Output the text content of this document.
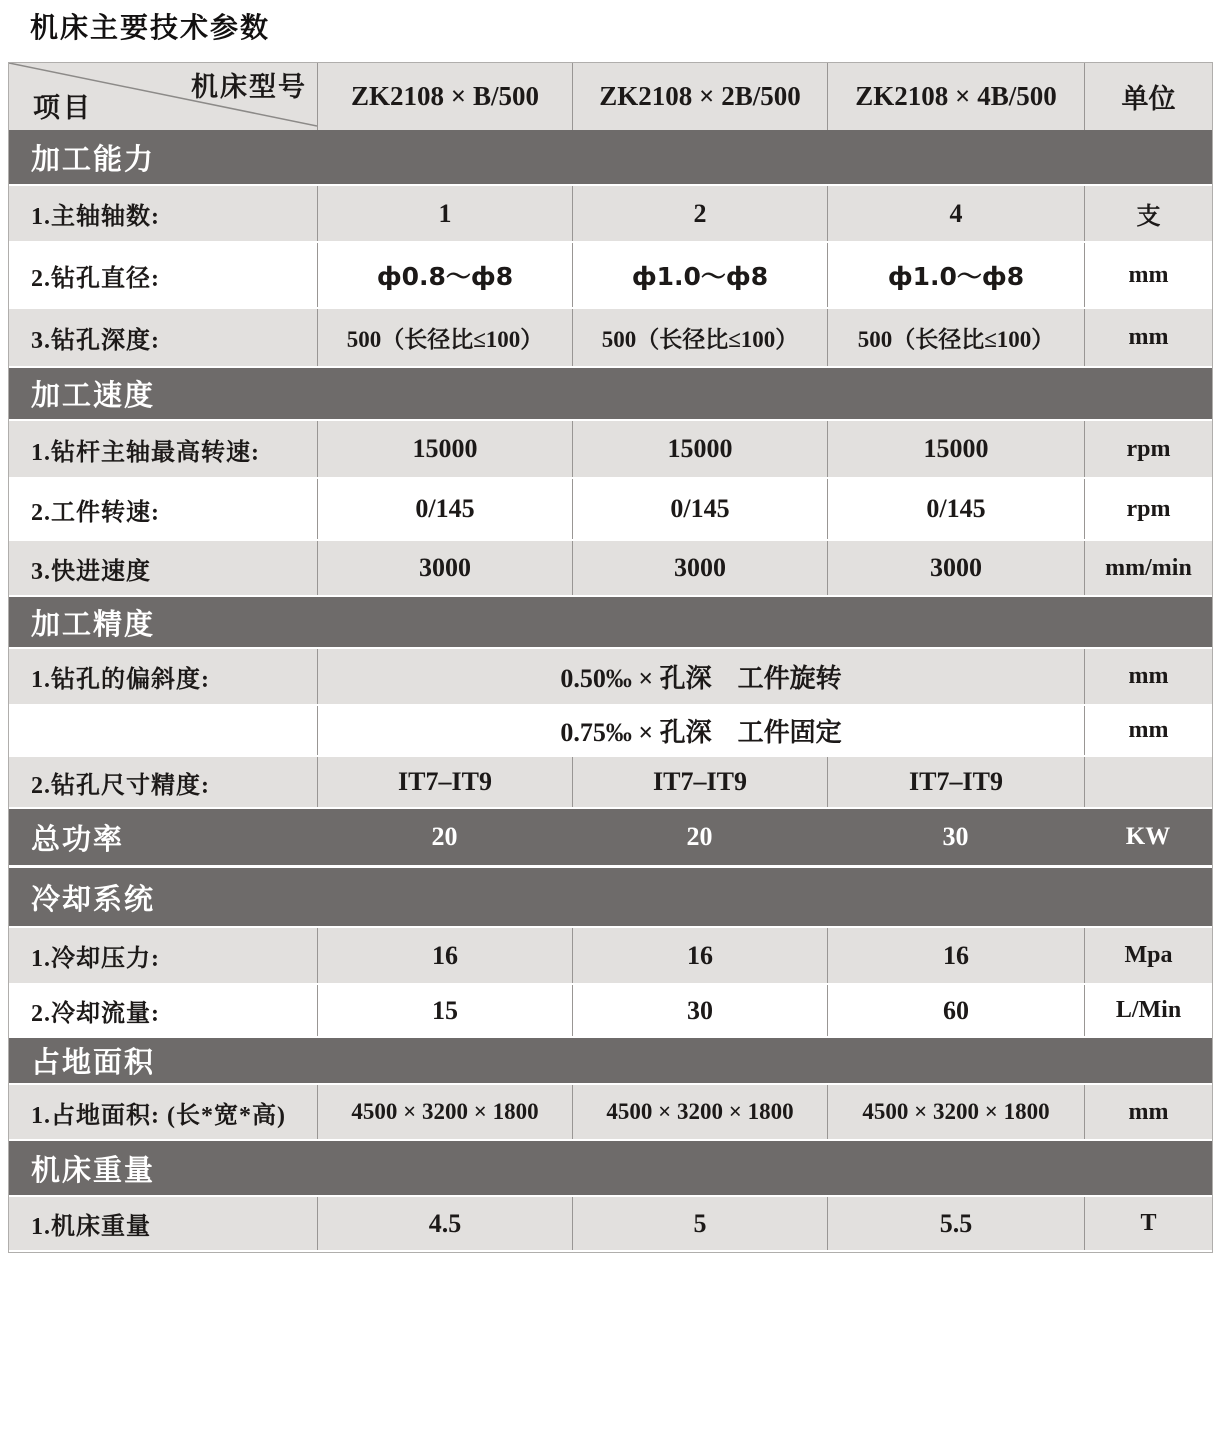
机床主要技术参数
机床型号
项目	ZK2108 × B/500	ZK2108 × 2B/500	ZK2108 × 4B/500	单位
加工能力
1.主轴轴数:	1	2	4	支
2.钻孔直径:	ф0.8～ф8	ф1.0～ф8	ф1.0～ф8	mm
3.钻孔深度:	500（长径比≤100）	500（长径比≤100）	500（长径比≤100）	mm
加工速度
1.钻杆主轴最高转速:	15000	15000	15000	rpm
2.工件转速:	0/145	0/145	0/145	rpm
3.快进速度	3000	3000	3000	mm/min
加工精度
1.钻孔的偏斜度:	0.50‰ × 孔深　工件旋转	mm
0.75‰ × 孔深　工件固定	mm
2.钻孔尺寸精度:	IT7–IT9	IT7–IT9	IT7–IT9
总功率	20	20	30	KW
冷却系统
1.冷却压力:	16	16	16	Mpa
2.冷却流量:	15	30	60	L/Min
占地面积
1.占地面积: (长*宽*高)	4500 × 3200 × 1800	4500 × 3200 × 1800	4500 × 3200 × 1800	mm
机床重量
1.机床重量	4.5	5	5.5	T
